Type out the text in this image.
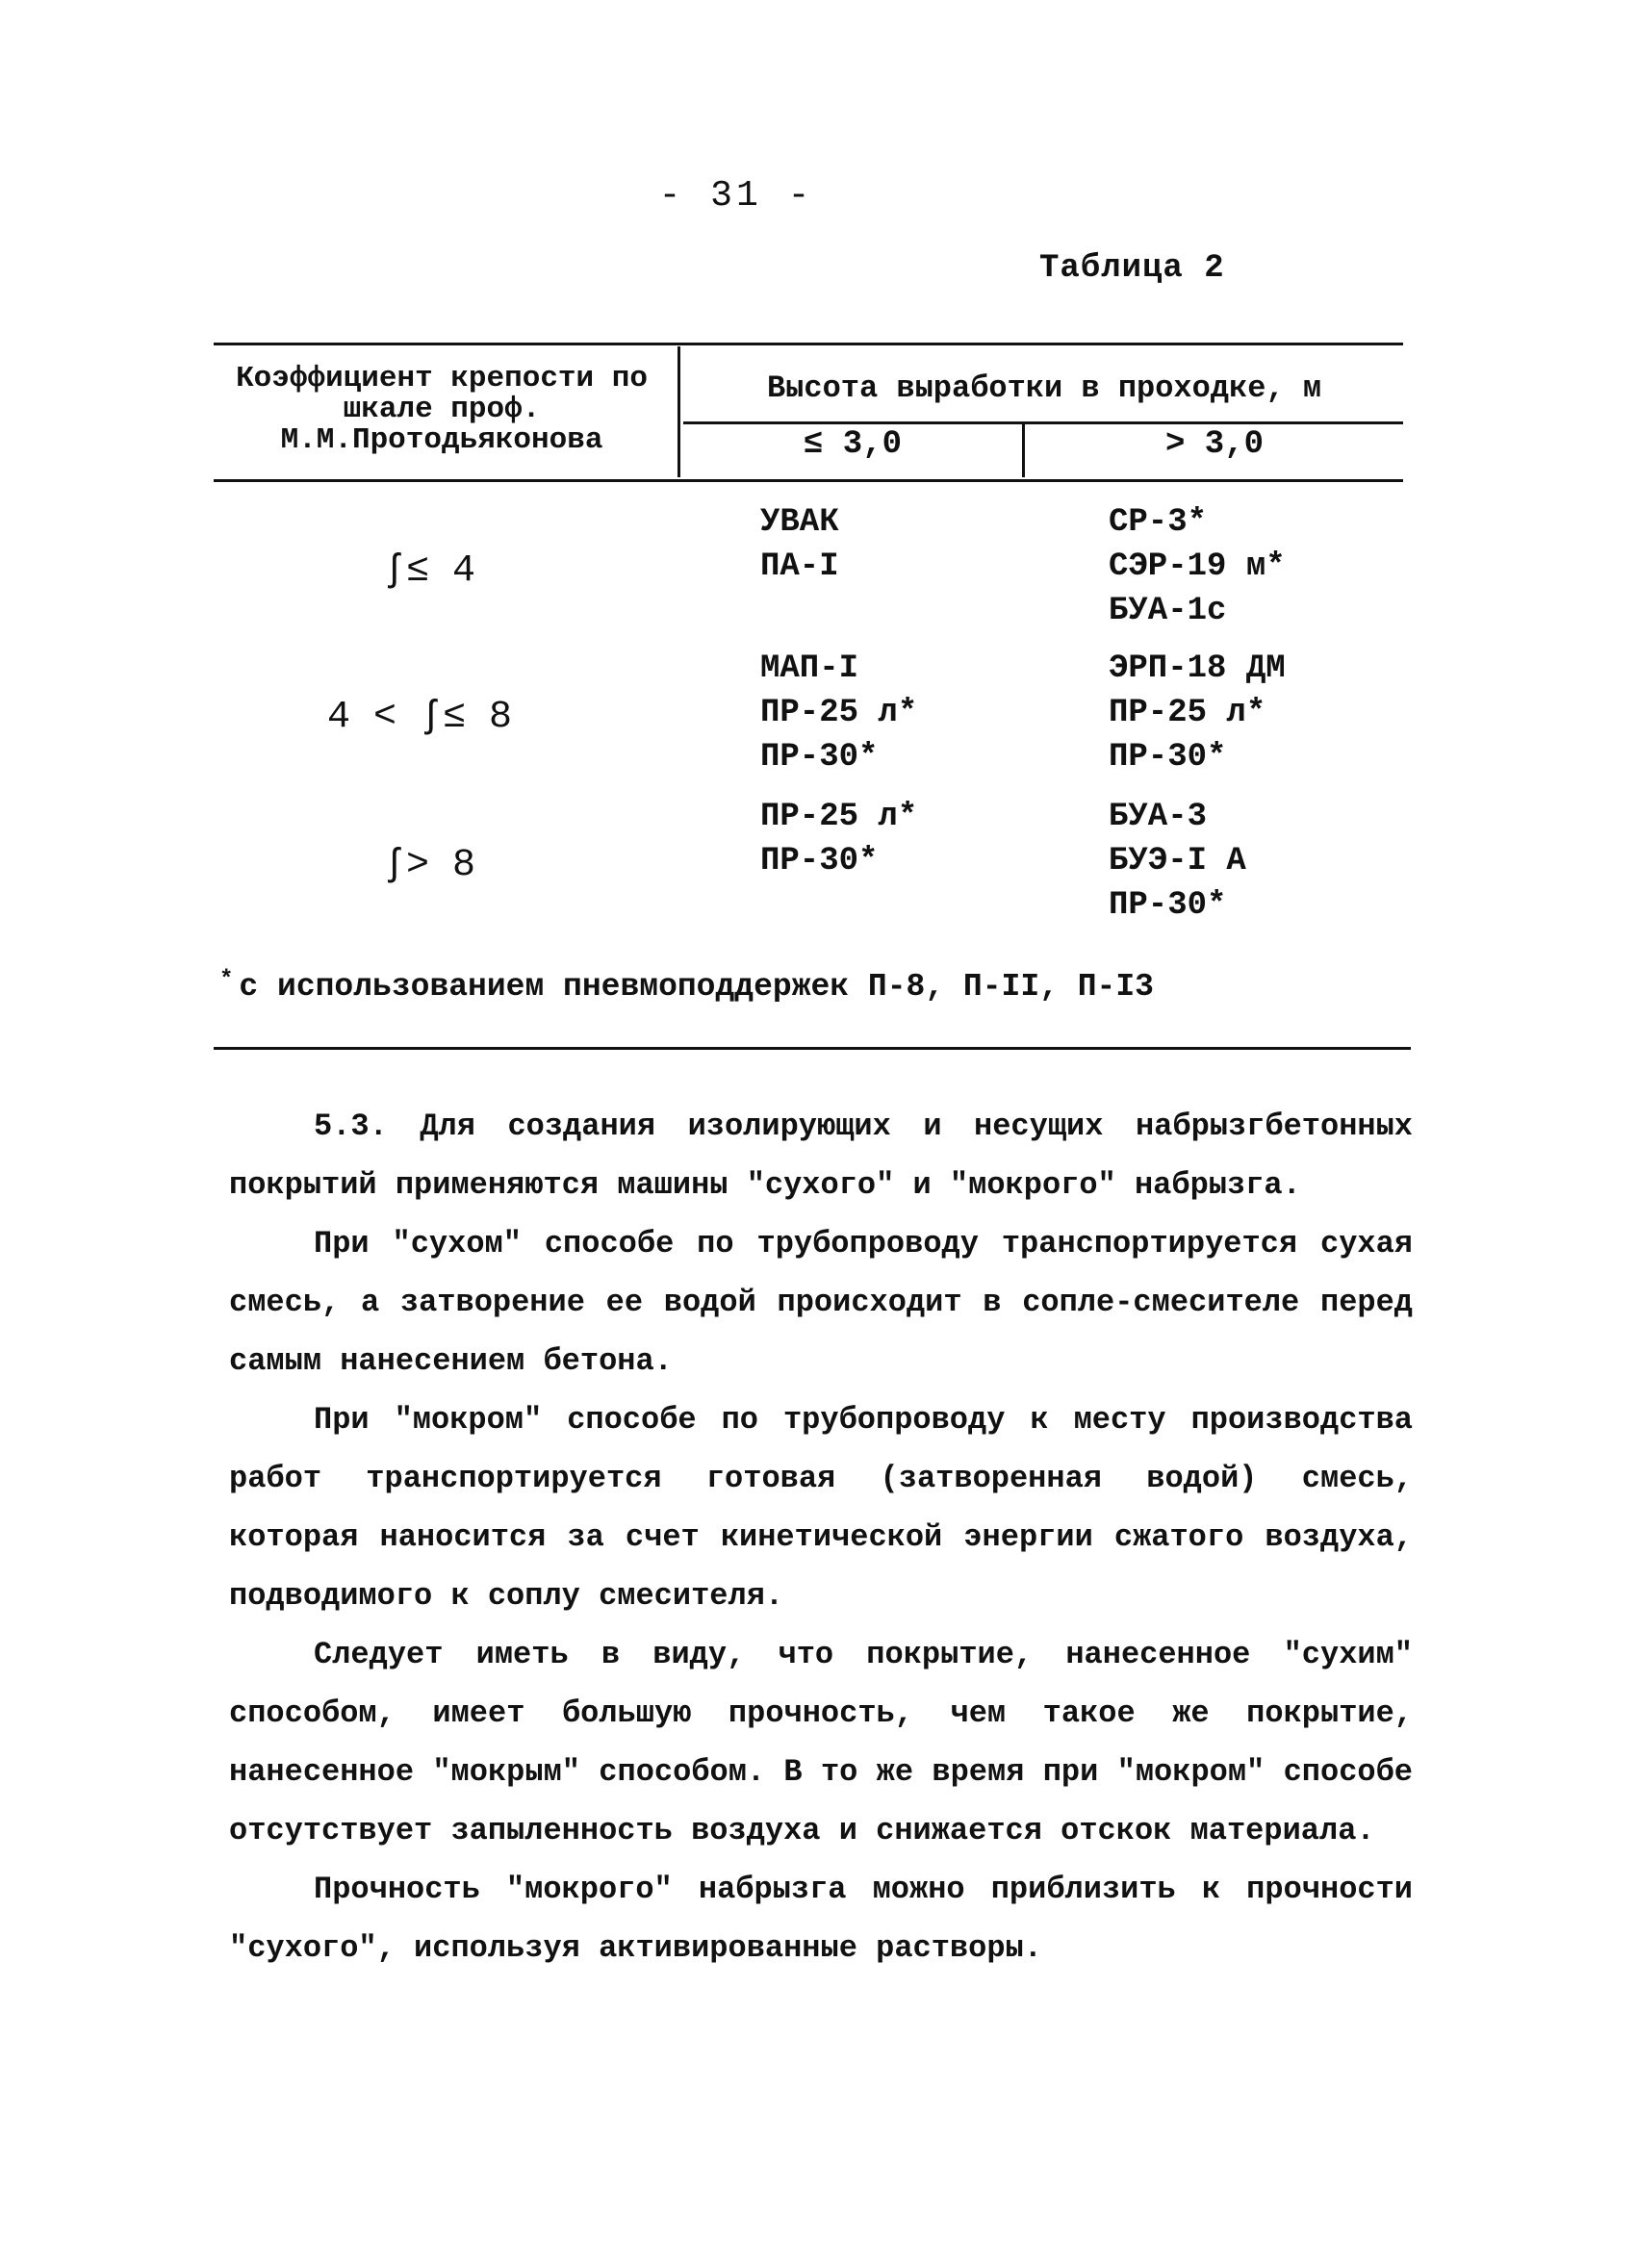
- 31 -
Таблица 2
Коэффициент крепости по шкале проф. М.М.Протодьяконова
Высота выработки в проходке, м
≤ 3,0	> 3,0
ʃ≤ 4
УВАК
ПА-I

СР-3*
СЭР-19 м*
БУА-1с
4 < ʃ≤ 8
МАП-I
ПР-25 л*
ПР-30*
ЭРП-18 ДМ
ПР-25 л*
ПР-30*
ʃ> 8
ПР-25 л*
ПР-30*

БУА-3
БУЭ-I А
ПР-30*
* с использованием пневмоподдержек П-8, П-II, П-I3

5.3. Для создания изолирующих и несущих набрызгбетонных покрытий применяются машины "сухого" и "мокрого" набрызга.

При "сухом" способе по трубопроводу транспортируется сухая смесь, а затворение ее водой происходит в сопле-смесителе перед самым нанесением бетона.

При "мокром" способе по трубопроводу к месту производства работ транспортируется готовая (затворенная водой) смесь, которая наносится за счет кинетической энергии сжатого воздуха, подводимого к соплу смесителя.

Следует иметь в виду, что покрытие, нанесенное "сухим" способом, имеет большую прочность, чем такое же покрытие, нанесенное "мокрым" способом. В то же время при "мокром" способе отсутствует запыленность воздуха и снижается отскок материала.

Прочность "мокрого" набрызга можно приблизить к прочности "сухого", используя активированные растворы.
